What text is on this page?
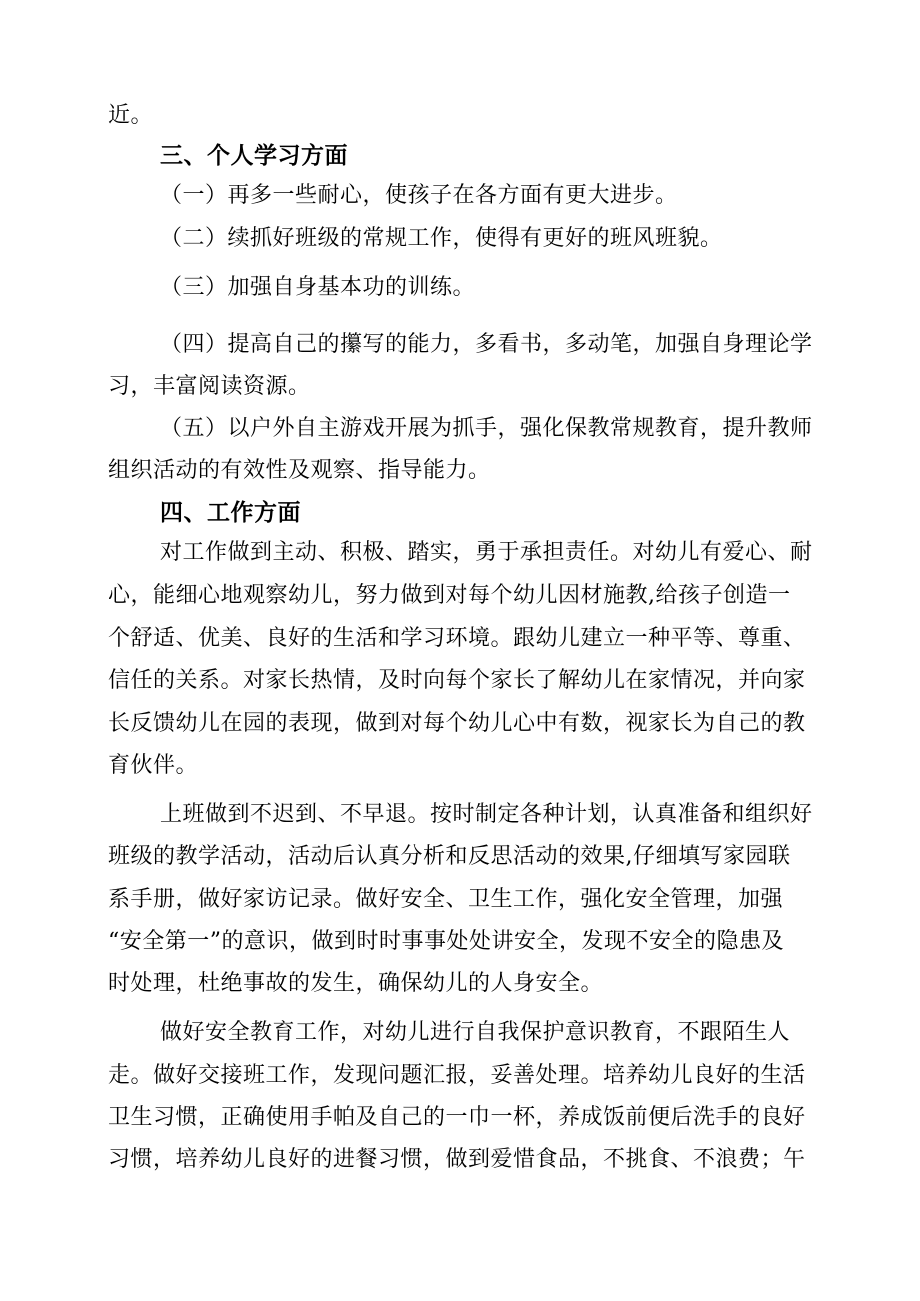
近。
三、个人学习方面
（一）再多一些耐心，使孩子在各方面有更大进步。
（二）续抓好班级的常规工作，使得有更好的班风班貌。
（三）加强自身基本功的训练。
（四）提高自己的攥写的能力，多看书，多动笔，加强自身理论学
习，丰富阅读资源。
（五）以户外自主游戏开展为抓手，强化保教常规教育，提升教师
组织活动的有效性及观察、指导能力。
四、工作方面
对工作做到主动、积极、踏实，勇于承担责任。对幼儿有爱心、耐
心，能细心地观察幼儿，努力做到对每个幼儿因材施教,给孩子创造一
个舒适、优美、良好的生活和学习环境。跟幼儿建立一种平等、尊重、
信任的关系。对家长热情，及时向每个家长了解幼儿在家情况，并向家
长反馈幼儿在园的表现，做到对每个幼儿心中有数，视家长为自己的教
育伙伴。
上班做到不迟到、不早退。按时制定各种计划，认真准备和组织好
班级的教学活动，活动后认真分析和反思活动的效果,仔细填写家园联
系手册，做好家访记录。做好安全、卫生工作，强化安全管理，加强
“安全第一”的意识，做到时时事事处处讲安全，发现不安全的隐患及
时处理，杜绝事故的发生，确保幼儿的人身安全。
做好安全教育工作，对幼儿进行自我保护意识教育，不跟陌生人
走。做好交接班工作，发现问题汇报，妥善处理。培养幼儿良好的生活
卫生习惯，正确使用手帕及自己的一巾一杯，养成饭前便后洗手的良好
习惯，培养幼儿良好的进餐习惯，做到爱惜食品，不挑食、不浪费；午
